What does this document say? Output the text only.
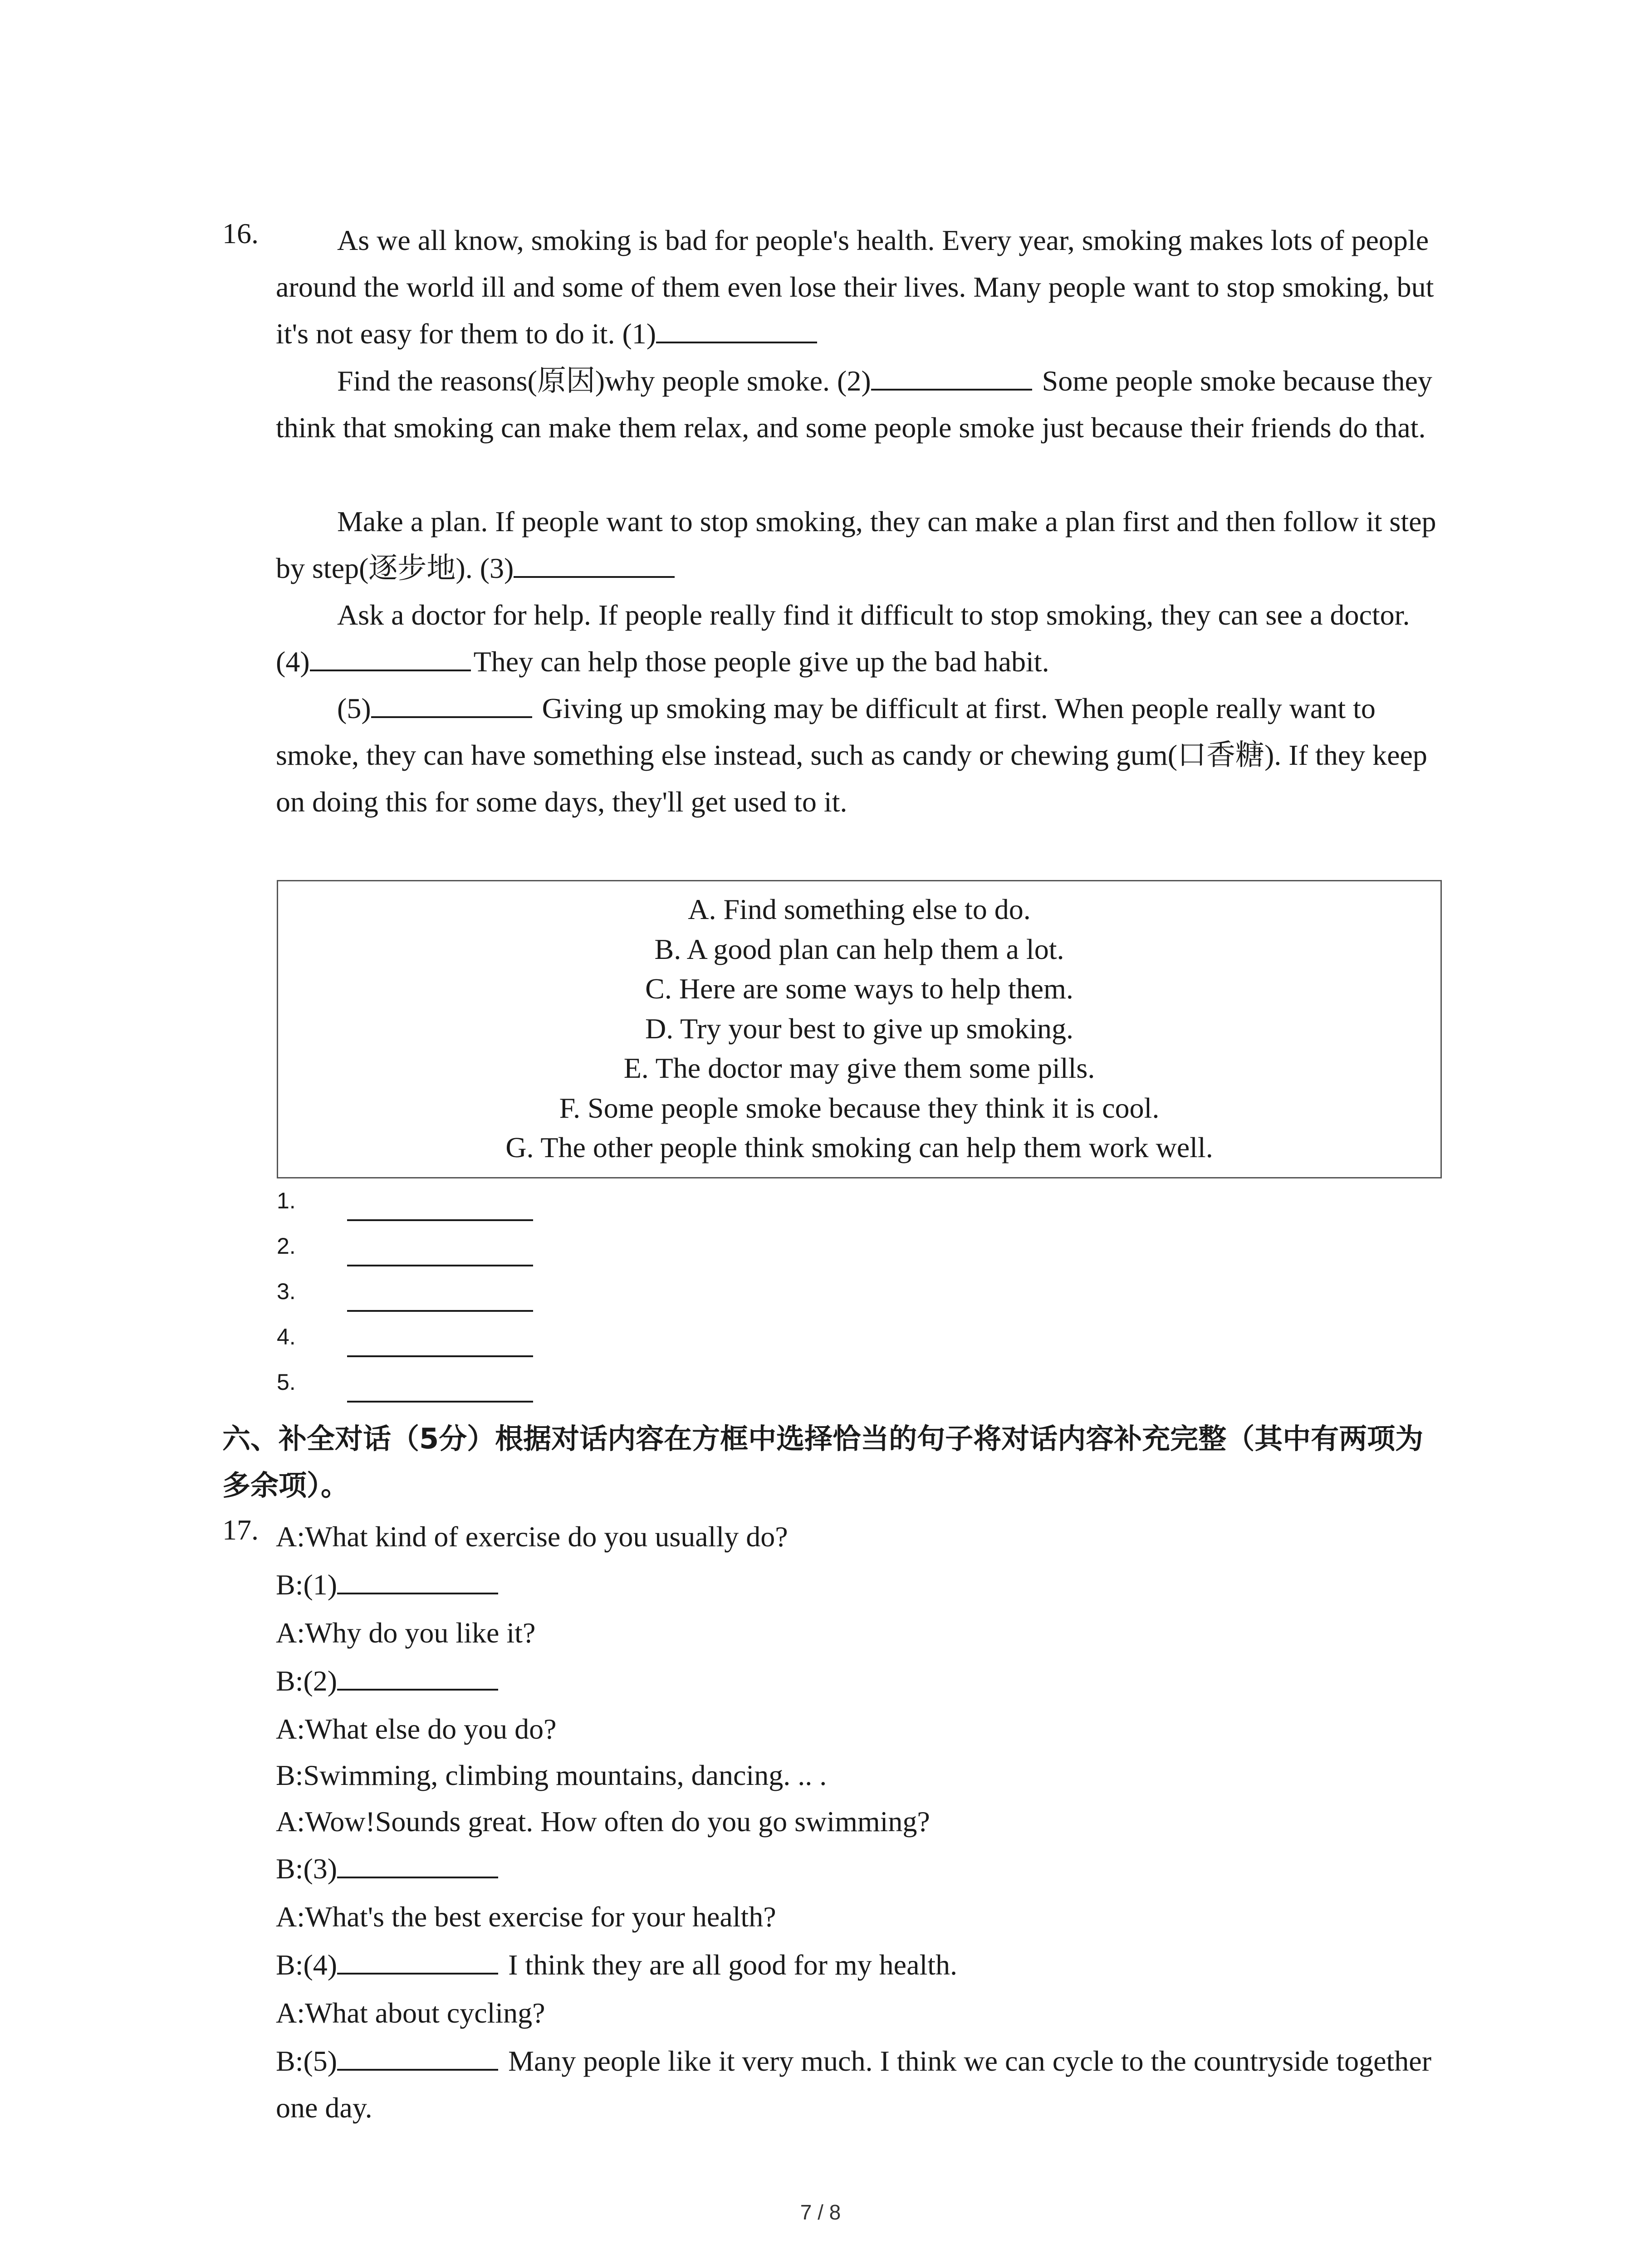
16.	As we all know, smoking is bad for people's health. Every year, smoking makes lots of people around the world ill and some of them even lose their lives. Many people want to stop smoking, but it's not easy for them to do it. (1)

Find the reasons(原因)why people smoke. (2)	Some people smoke because they think that smoking can make them relax, and some people smoke just because their friends do that.

Make a plan. If people want to stop smoking, they can make a plan first and then follow it step by step(逐步地). (3)

Ask a doctor for help. If people really find it difficult to stop smoking, they can see a doctor. (4)	They can help those people give up the bad habit.

(5)	Giving up smoking may be difficult at first. When people really want to smoke, they can have something else instead, such as candy or chewing gum(口香糖). If they keep on doing this for some days, they'll get used to it.

A. Find something else to do.
B. A good plan can help them a lot.
C. Here are some ways to help them.
D. Try your best to give up smoking.
E. The doctor may give them some pills.
F. Some people smoke because they think it is cool.
G. The other people think smoking can help them work well.
1.
2.
3.
4.
5.

六、补全对话（5分）根据对话内容在方框中选择恰当的句子将对话内容补充完整（其中有两项为多余项）。

17. A:What kind of exercise do you usually do?

B:(1)

A:Why do you like it?

B:(2)

A:What else do you do?

B:Swimming, climbing mountains, dancing. .. .

A:Wow!Sounds great. How often do you go swimming?

B:(3)

A:What's the best exercise for your health?

B:(4)	I think they are all good for my health.

A:What about cycling?

B:(5)	Many people like it very much. I think we can cycle to the countryside together one day.

7 / 8
